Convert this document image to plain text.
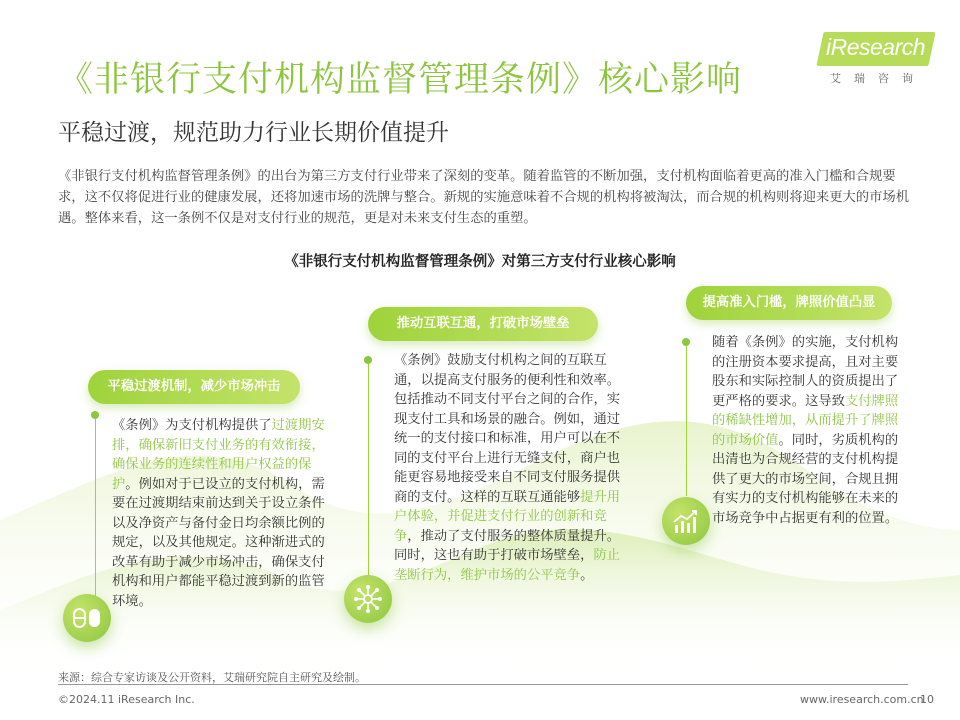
《非银行支付机构监督管理条例》核心影响
平稳过渡，规范助力行业长期价值提升
iResearch
艾瑞咨询
《非银行支付机构监督管理条例》的出台为第三方支付行业带来了深刻的变革。随着监管的不断加强，支付机构面临着更高的准入门槛和合规要求，这不仅将促进行业的健康发展，还将加速市场的洗牌与整合。新规的实施意味着不合规的机构将被淘汰，而合规的机构则将迎来更大的市场机遇。整体来看，这一条例不仅是对支付行业的规范，更是对未来支付生态的重塑。
《非银行支付机构监督管理条例》对第三方支付行业核心影响
平稳过渡机制，减少市场冲击
《条例》为支付机构提供了过渡期安排，确保新旧支付业务的有效衔接，确保业务的连续性和用户权益的保护。例如对于已设立的支付机构，需要在过渡期结束前达到关于设立条件以及净资产与备付金日均余额比例的规定，以及其他规定。这种渐进式的改革有助于减少市场冲击，确保支付机构和用户都能平稳过渡到新的监管环境。
推动互联互通，打破市场壁垒
《条例》鼓励支付机构之间的互联互通，以提高支付服务的便利性和效率。包括推动不同支付平台之间的合作，实现支付工具和场景的融合。例如，通过统一的支付接口和标准，用户可以在不同的支付平台上进行无缝支付，商户也能更容易地接受来自不同支付服务提供商的支付。这样的互联互通能够提升用户体验，并促进支付行业的创新和竞争，推动了支付服务的整体质量提升。同时，这也有助于打破市场壁垒，防止垄断行为，维护市场的公平竞争。
提高准入门槛，牌照价值凸显
随着《条例》的实施，支付机构的注册资本要求提高，且对主要股东和实际控制人的资质提出了更严格的要求。这导致支付牌照的稀缺性增加，从而提升了牌照的市场价值。同时，劣质机构的出清也为合规经营的支付机构提供了更大的市场空间，合规且拥有实力的支付机构能够在未来的市场竞争中占据更有利的位置。
来源：综合专家访谈及公开资料，艾瑞研究院自主研究及绘制。
©2024.11 iResearch Inc.	www.iresearch.com.cn
10
